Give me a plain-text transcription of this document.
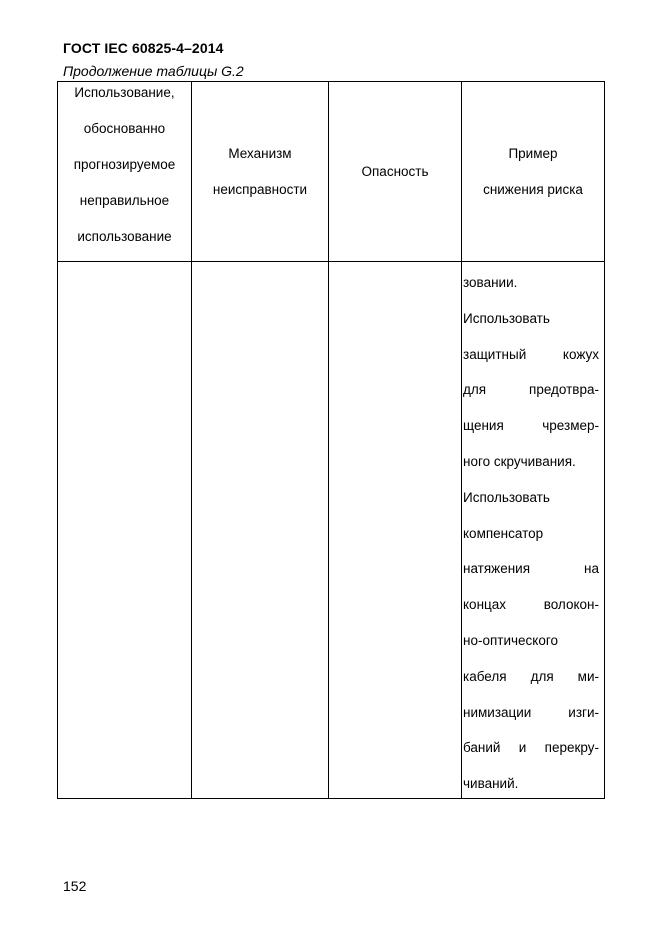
ГОСТ IEC 60825-4–2014
Продолжение таблицы G.2
Использование,
обоснованно
прогнозируемое
неправильное
использование
Механизм
неисправности
Опасность
Пример
снижения риска
зовании.
Использовать
защитный кожух
для предотвра-
щения чрезмер-
ного скручивания.
Использовать
компенсатор
натяжения на
концах волокон-
но-оптического
кабеля для ми-
нимизации изги-
баний и перекру-
чиваний.
152
